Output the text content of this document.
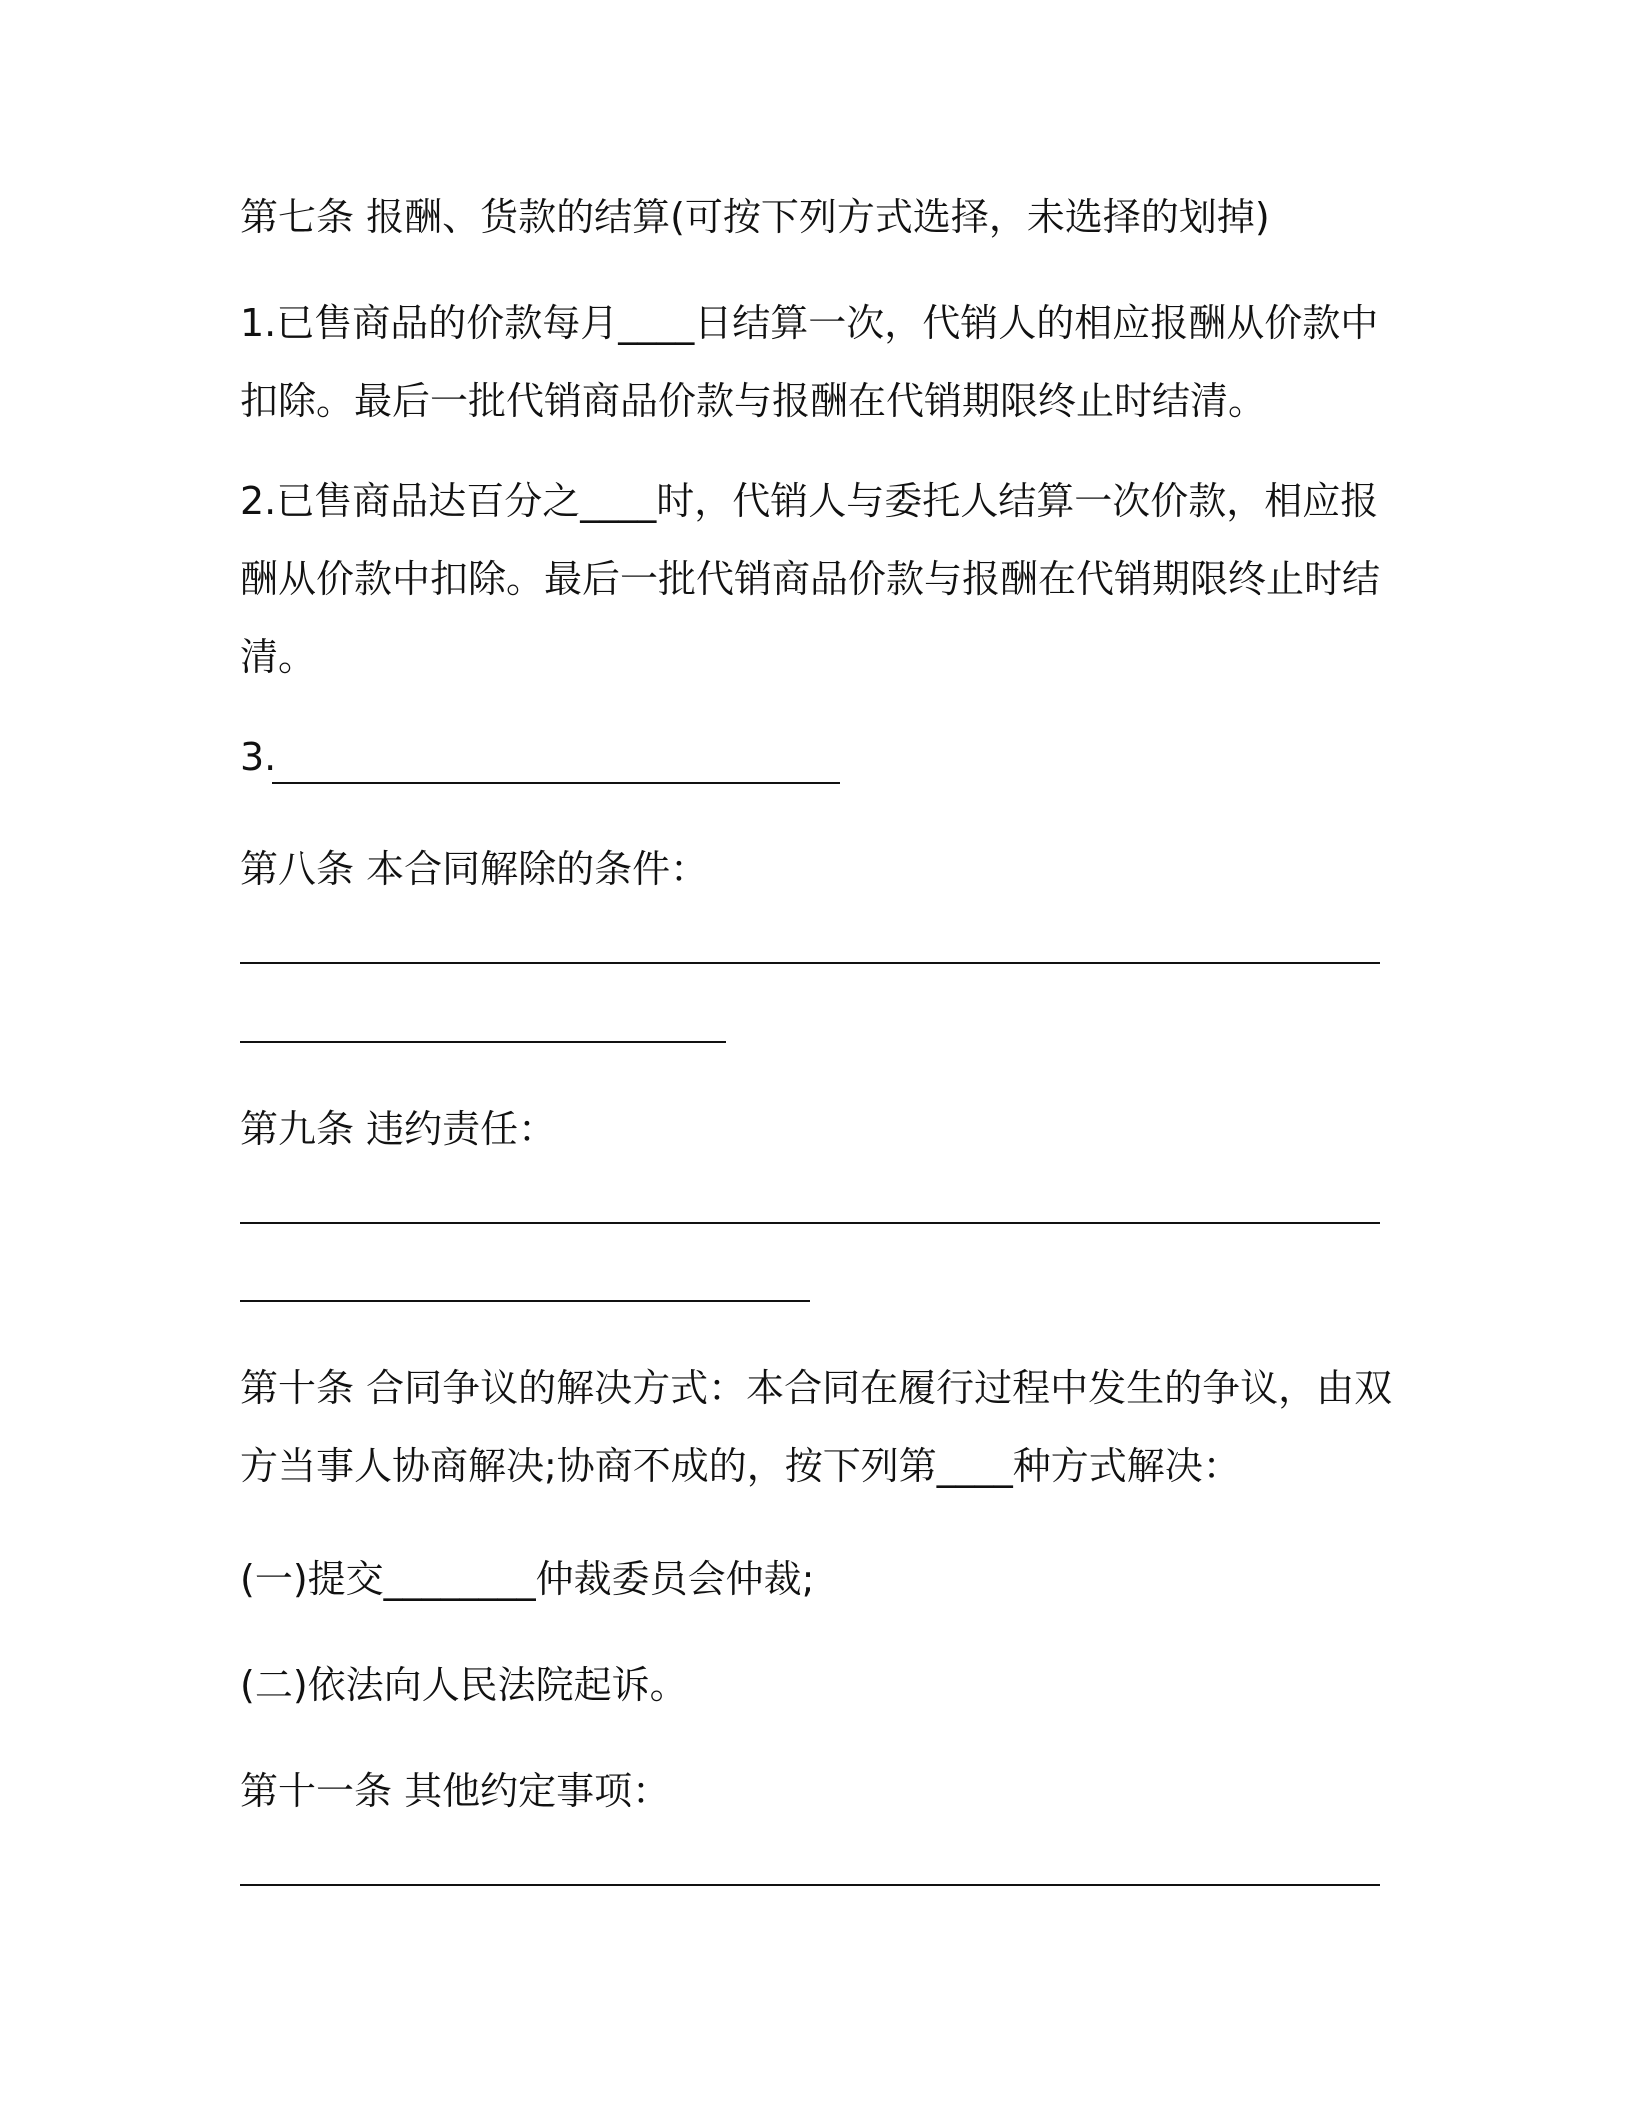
第七条 报酬、货款的结算(可按下列方式选择，未选择的划掉)

1.已售商品的价款每月____日结算一次，代销人的相应报酬从价款中
扣除。最后一批代销商品价款与报酬在代销期限终止时结清。

2.已售商品达百分之____时，代销人与委托人结算一次价款，相应报
酬从价款中扣除。最后一批代销商品价款与报酬在代销期限终止时结
清。

3.

第八条 本合同解除的条件：

第九条 违约责任：

第十条 合同争议的解决方式：本合同在履行过程中发生的争议，由双
方当事人协商解决;协商不成的，按下列第____种方式解决：

(一)提交________仲裁委员会仲裁;

(二)依法向人民法院起诉。

第十一条 其他约定事项：
